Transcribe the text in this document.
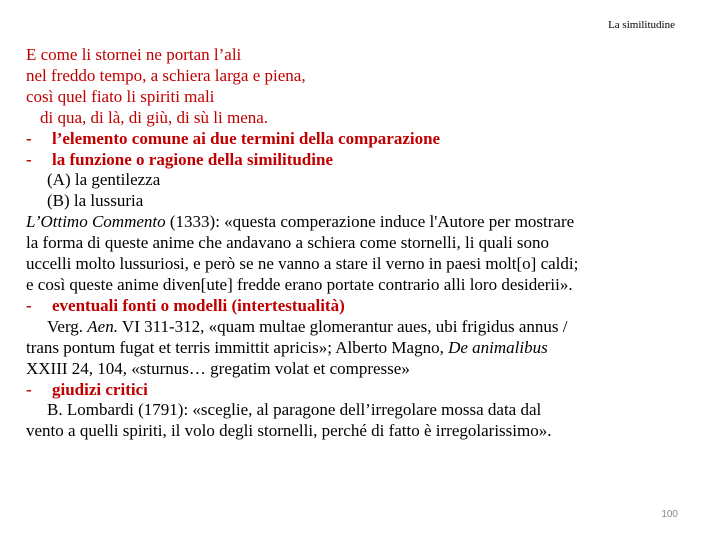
La similitudine
E come li stornei ne portan l’ali
nel freddo tempo, a schiera larga e piena,
così quel fiato li spiriti mali
di qua, di là, di giù, di sù li mena.
- l’elemento comune ai due termini della comparazione
- la funzione o ragione della similitudine
(A) la gentilezza
(B) la lussuria
L’Ottimo Commento (1333): «questa comperazione induce l'Autore per mostrare
la forma di queste anime che andavano a schiera come stornelli, li quali sono
uccelli molto lussuriosi, e però se ne vanno a stare il verno in paesi molt[o] caldi;
e così queste anime diven[ute] fredde erano portate contrario alli loro desiderii».
- eventuali fonti o modelli (intertestualità)
Verg. Aen. VI 311-312, «quam multae glomerantur aues, ubi frigidus annus /
trans pontum fugat et terris immittit apricis»; Alberto Magno, De animalibus
XXIII 24, 104, «sturnus… gregatim volat et compresse»
- giudizi critici
B. Lombardi (1791): «sceglie, al paragone dell’irregolare mossa data dal
vento a quelli spiriti, il volo degli stornelli, perché di fatto è irregolarissimo».
100
